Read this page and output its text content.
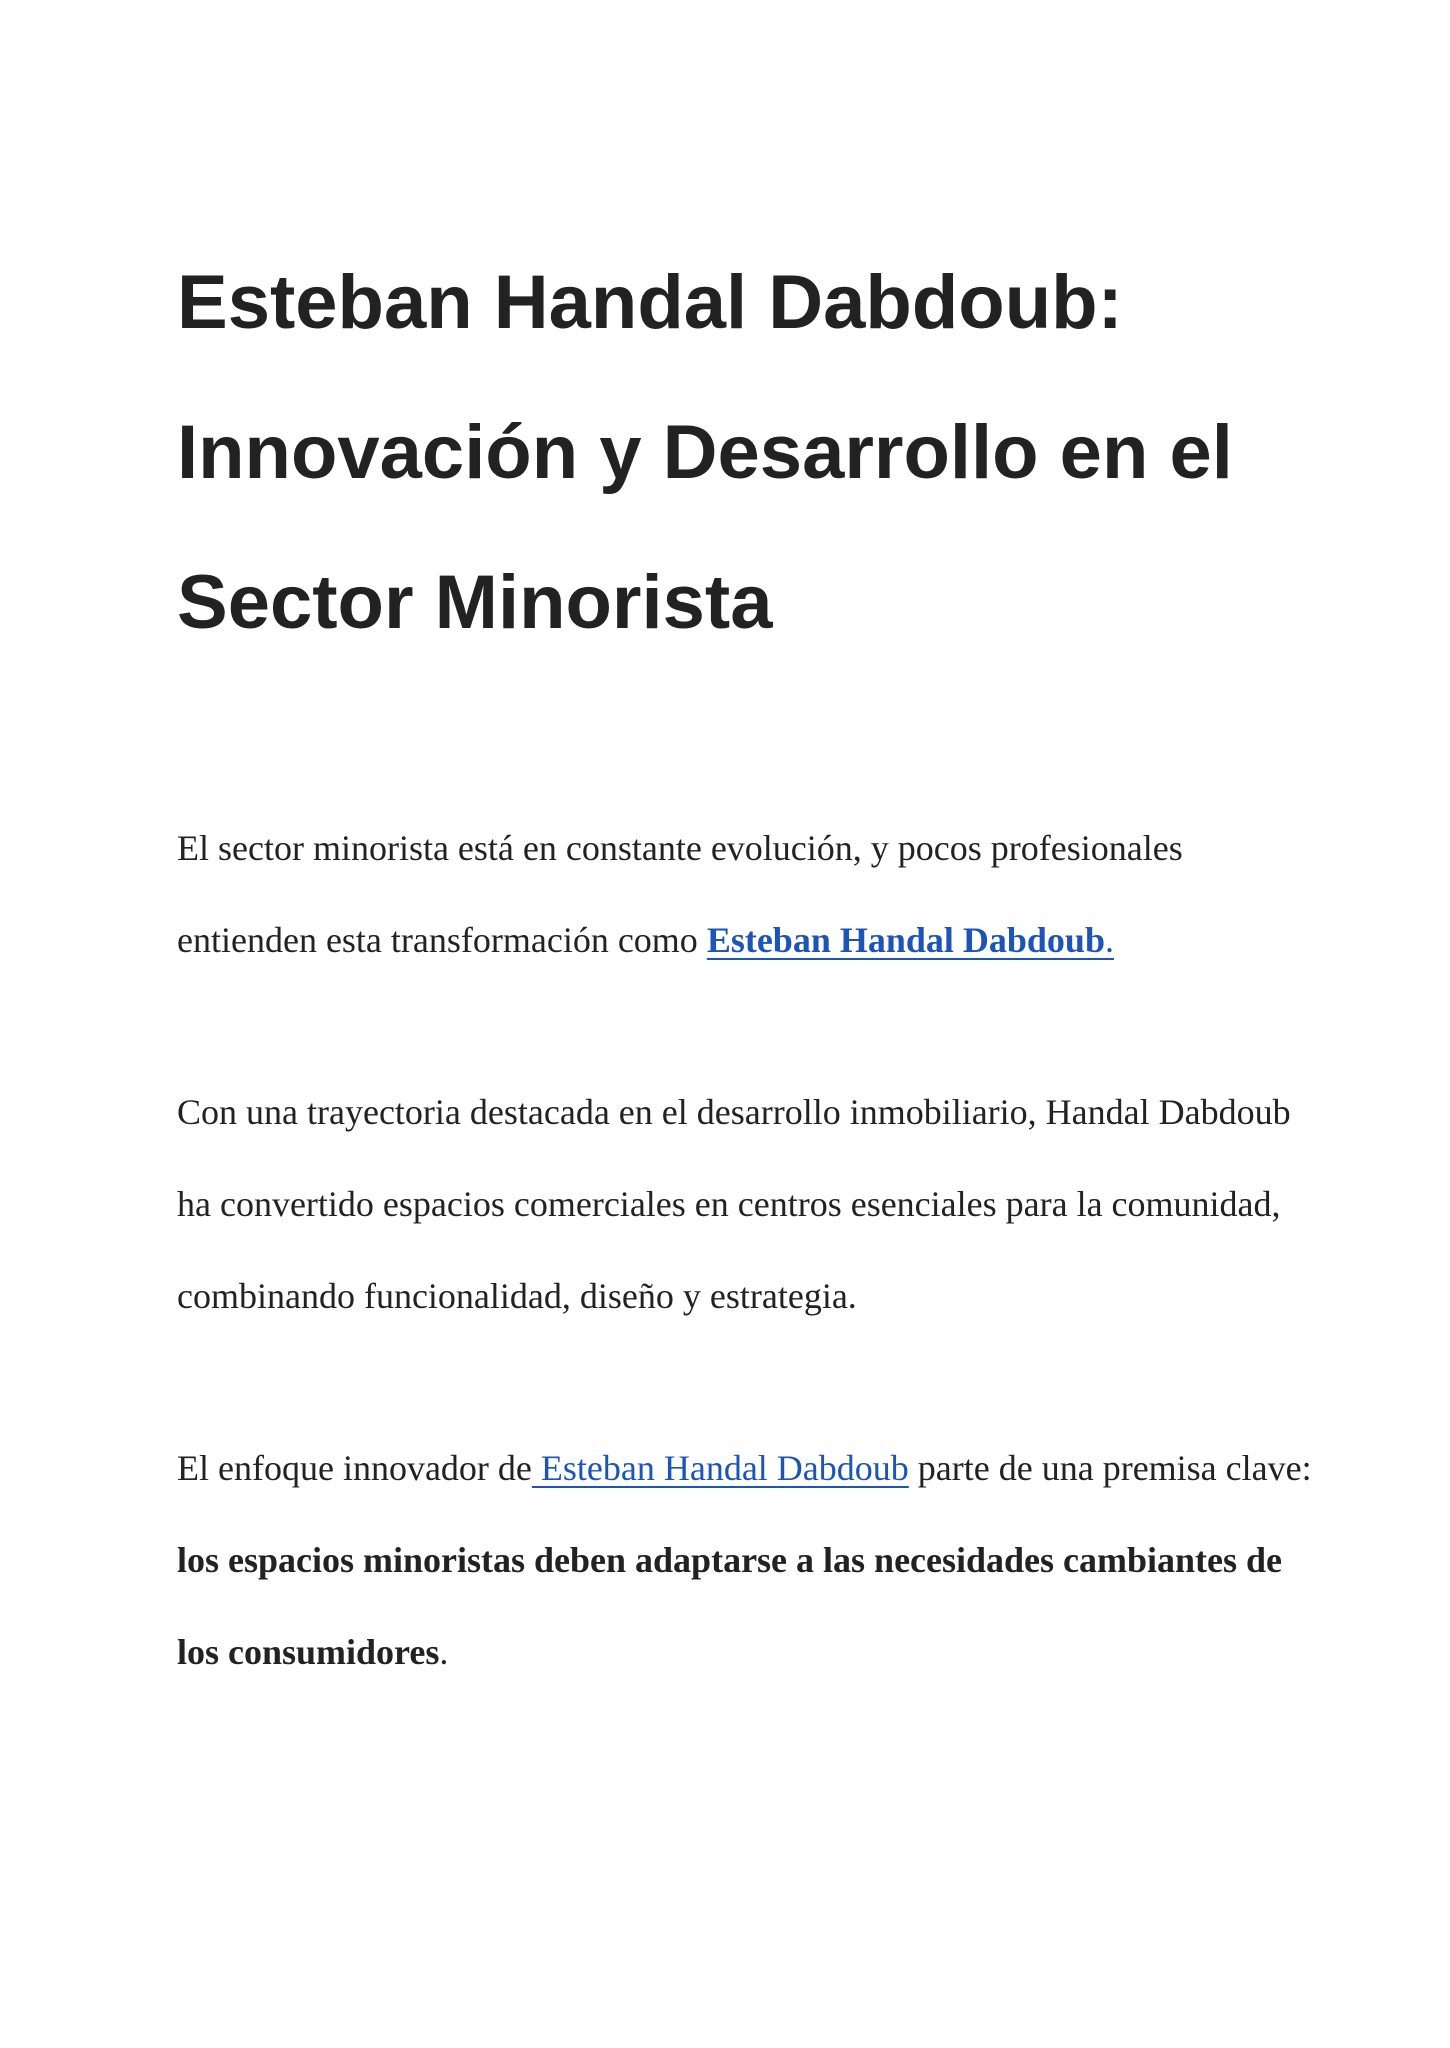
Esteban Handal Dabdoub:
Innovación y Desarrollo en el
Sector Minorista

El sector minorista está en constante evolución, y pocos profesionales entienden esta transformación como Esteban Handal Dabdoub.

Con una trayectoria destacada en el desarrollo inmobiliario, Handal Dabdoub ha convertido espacios comerciales en centros esenciales para la comunidad, combinando funcionalidad, diseño y estrategia.

El enfoque innovador de Esteban Handal Dabdoub parte de una premisa clave: los espacios minoristas deben adaptarse a las necesidades cambiantes de los consumidores.
